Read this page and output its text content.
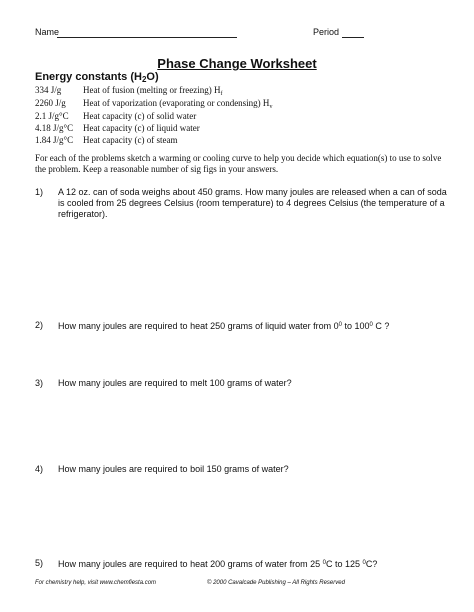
Name	Period
Phase Change Worksheet
Energy constants $(H_2O)$
334 J/g Heat of fusion (melting or freezing) $H_f$
2260 J/g Heat of vaporization (evaporating or condensing) $H_v$
2.1 J/g°C Heat capacity (c) of solid water
4.18 J/g°C Heat capacity (c) of liquid water
1.84 J/g°C Heat capacity (c) of steam
For each of the problems sketch a warming or cooling curve to help you decide which equation(s) to use to solve the problem. Keep a reasonable number of sig figs in your answers.
1) A 12 oz. can of soda weighs about 450 grams. How many joules are released when a can of soda is cooled from 25 degrees Celsius (room temperature) to 4 degrees Celsius (the temperature of a refrigerator).
2) How many joules are required to heat 250 grams of liquid water from $0^0$ to $100^0$ C ?
3) How many joules are required to melt 100 grams of water?
4) How many joules are required to boil 150 grams of water?
5) How many joules are required to heat 200 grams of water from 25 $^0$C to 125 $^0$C?
For chemistry help, visit www.chemfiesta.com	© 2000 Cavalcade Publishing – All Rights Reserved
